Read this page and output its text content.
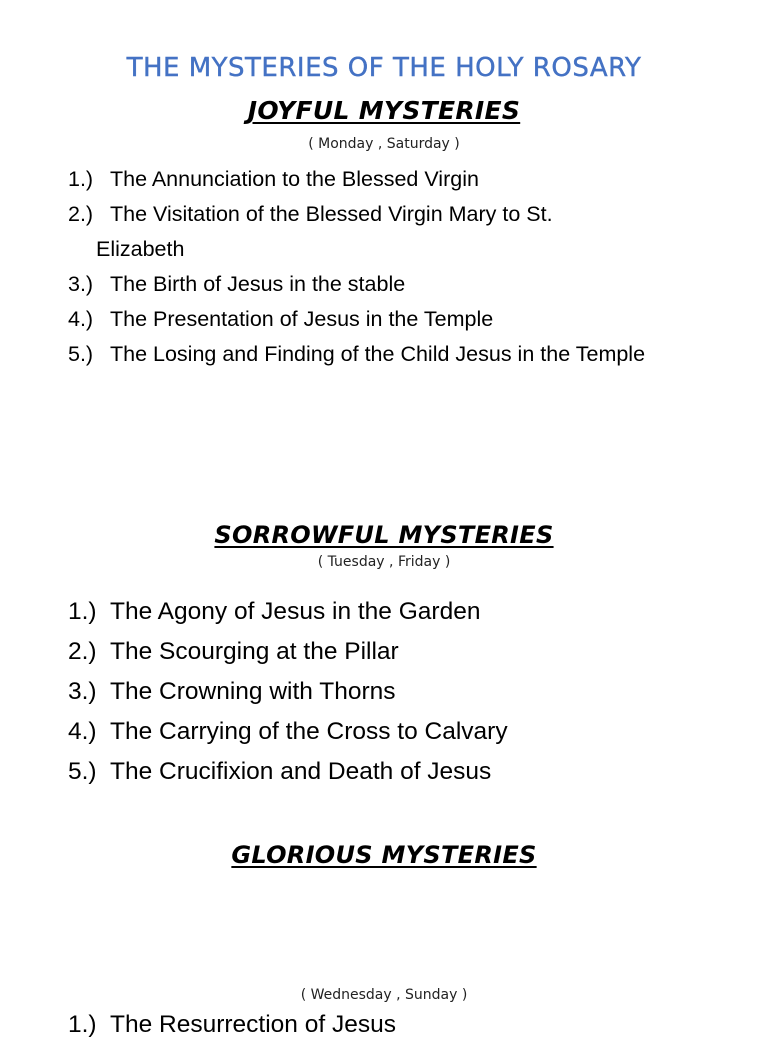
THE MYSTERIES OF THE HOLY ROSARY
JOYFUL MYSTERIES

( Monday , Saturday )

1.) The Annunciation to the Blessed Virgin
2.) The Visitation of the Blessed Virgin Mary to St.
Elizabeth
3.) The Birth of Jesus in the stable
4.) The Presentation of Jesus in the Temple
5.) The Losing and Finding of the Child Jesus in the Temple
SORROWFUL MYSTERIES

( Tuesday , Friday )

1.) The Agony of Jesus in the Garden
2.) The Scourging at the Pillar
3.) The Crowning with Thorns
4.) The Carrying of the Cross to Calvary
5.) The Crucifixion and Death of Jesus
GLORIOUS MYSTERIES

( Wednesday , Sunday )

1.) The Resurrection of Jesus
